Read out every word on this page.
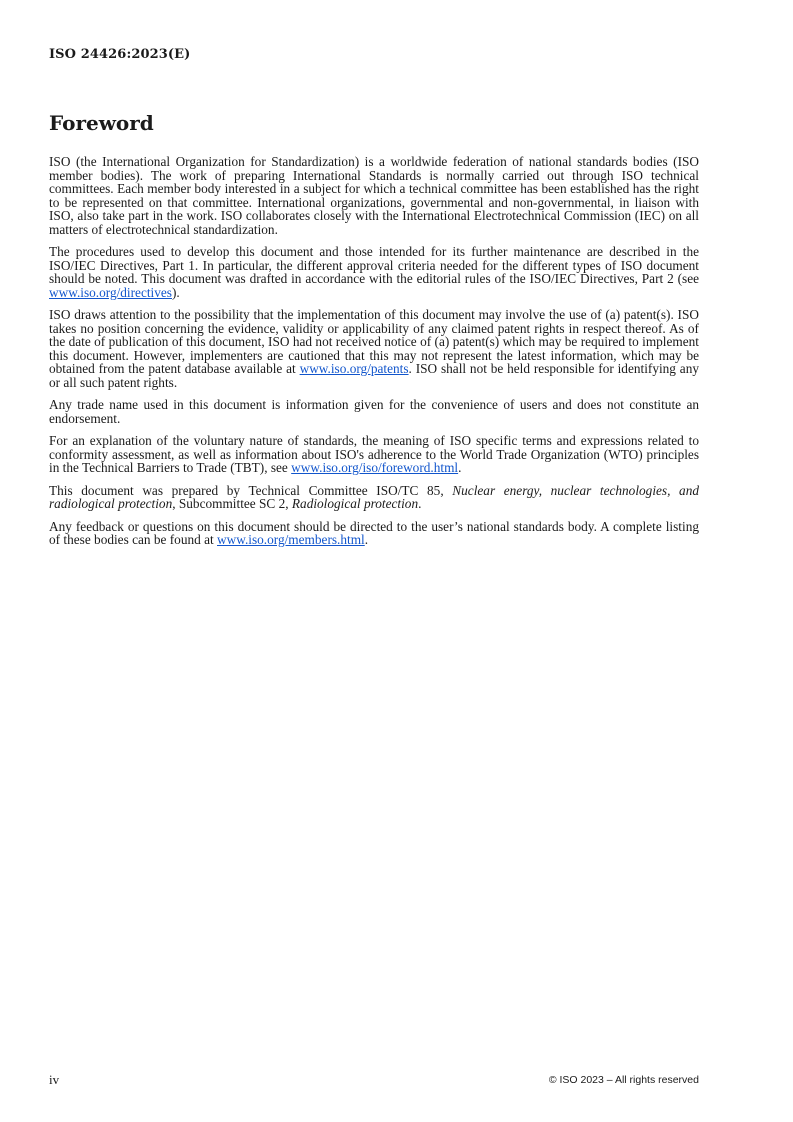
ISO 24426:2023(E)
Foreword

ISO (the International Organization for Standardization) is a worldwide federation of national standards bodies (ISO member bodies). The work of preparing International Standards is normally carried out through ISO technical committees. Each member body interested in a subject for which a technical committee has been established has the right to be represented on that committee. International organizations, governmental and non-governmental, in liaison with ISO, also take part in the work. ISO collaborates closely with the International Electrotechnical Commission (IEC) on all matters of electrotechnical standardization.

The procedures used to develop this document and those intended for its further maintenance are described in the ISO/IEC Directives, Part 1. In particular, the different approval criteria needed for the different types of ISO document should be noted. This document was drafted in accordance with the editorial rules of the ISO/IEC Directives, Part 2 (see www.iso.org/directives).

ISO draws attention to the possibility that the implementation of this document may involve the use of (a) patent(s). ISO takes no position concerning the evidence, validity or applicability of any claimed patent rights in respect thereof. As of the date of publication of this document, ISO had not received notice of (a) patent(s) which may be required to implement this document. However, implementers are cautioned that this may not represent the latest information, which may be obtained from the patent database available at www.iso.org/patents. ISO shall not be held responsible for identifying any or all such patent rights.

Any trade name used in this document is information given for the convenience of users and does not constitute an endorsement.

For an explanation of the voluntary nature of standards, the meaning of ISO specific terms and expressions related to conformity assessment, as well as information about ISO's adherence to the World Trade Organization (WTO) principles in the Technical Barriers to Trade (TBT), see www.iso.org/iso/foreword.html.

This document was prepared by Technical Committee ISO/TC 85, Nuclear energy, nuclear technologies, and radiological protection, Subcommittee SC 2, Radiological protection.

Any feedback or questions on this document should be directed to the user’s national standards body. A complete listing of these bodies can be found at www.iso.org/members.html.

iv	© ISO 2023 – All rights reserved
